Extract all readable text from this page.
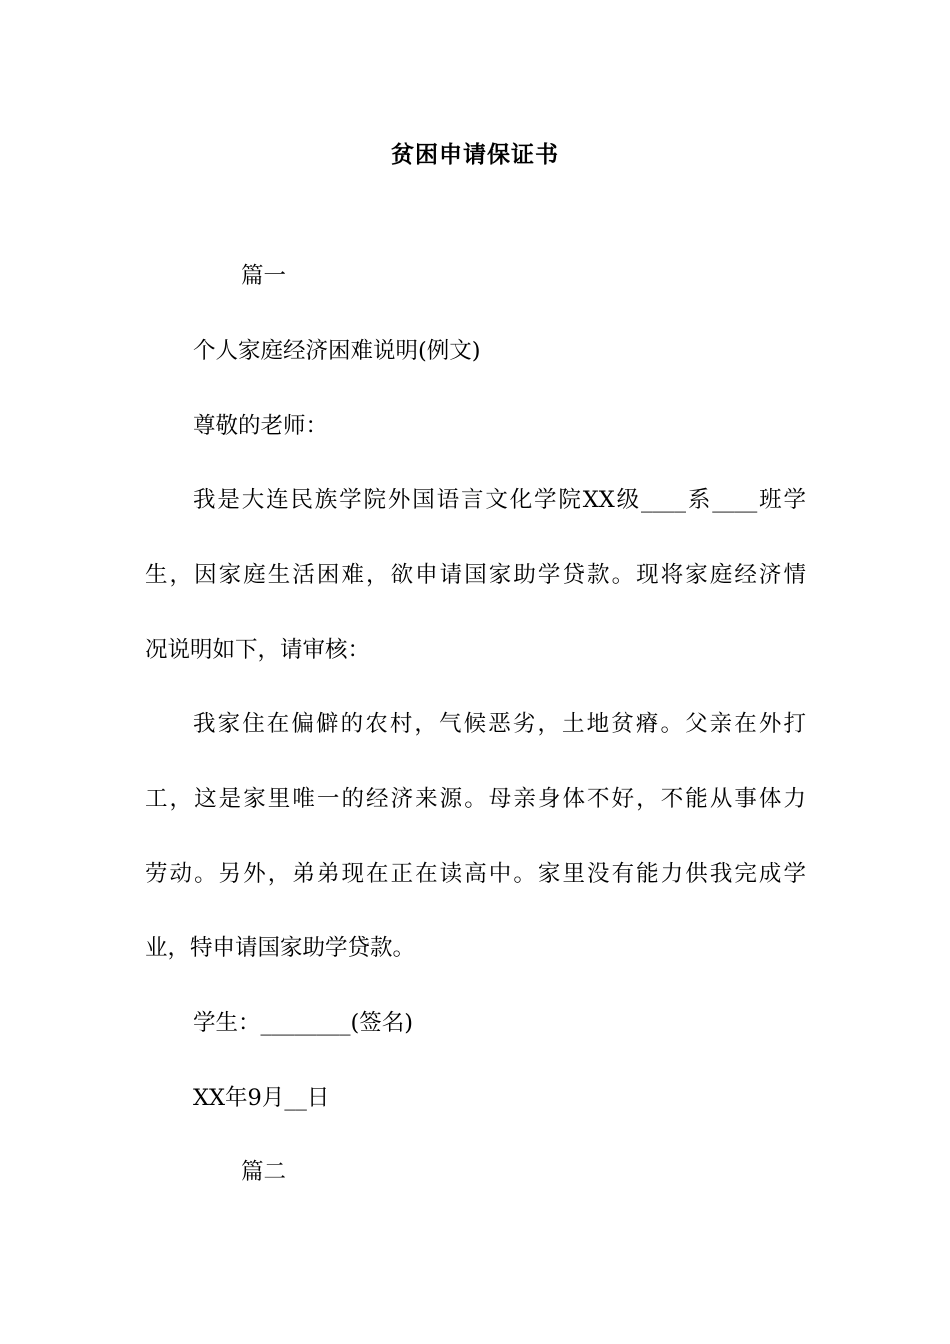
贫困申请保证书
篇一
个人家庭经济困难说明(例文)
尊敬的老师：
我是大连民族学院外国语言文化学院XX级____系____班学
生，因家庭生活困难，欲申请国家助学贷款。现将家庭经济情
况说明如下，请审核：
我家住在偏僻的农村，气候恶劣，土地贫瘠。父亲在外打
工，这是家里唯一的经济来源。母亲身体不好，不能从事体力
劳动。另外，弟弟现在正在读高中。家里没有能力供我完成学
业，特申请国家助学贷款。
学生：________(签名)
XX年9月__日
篇二
